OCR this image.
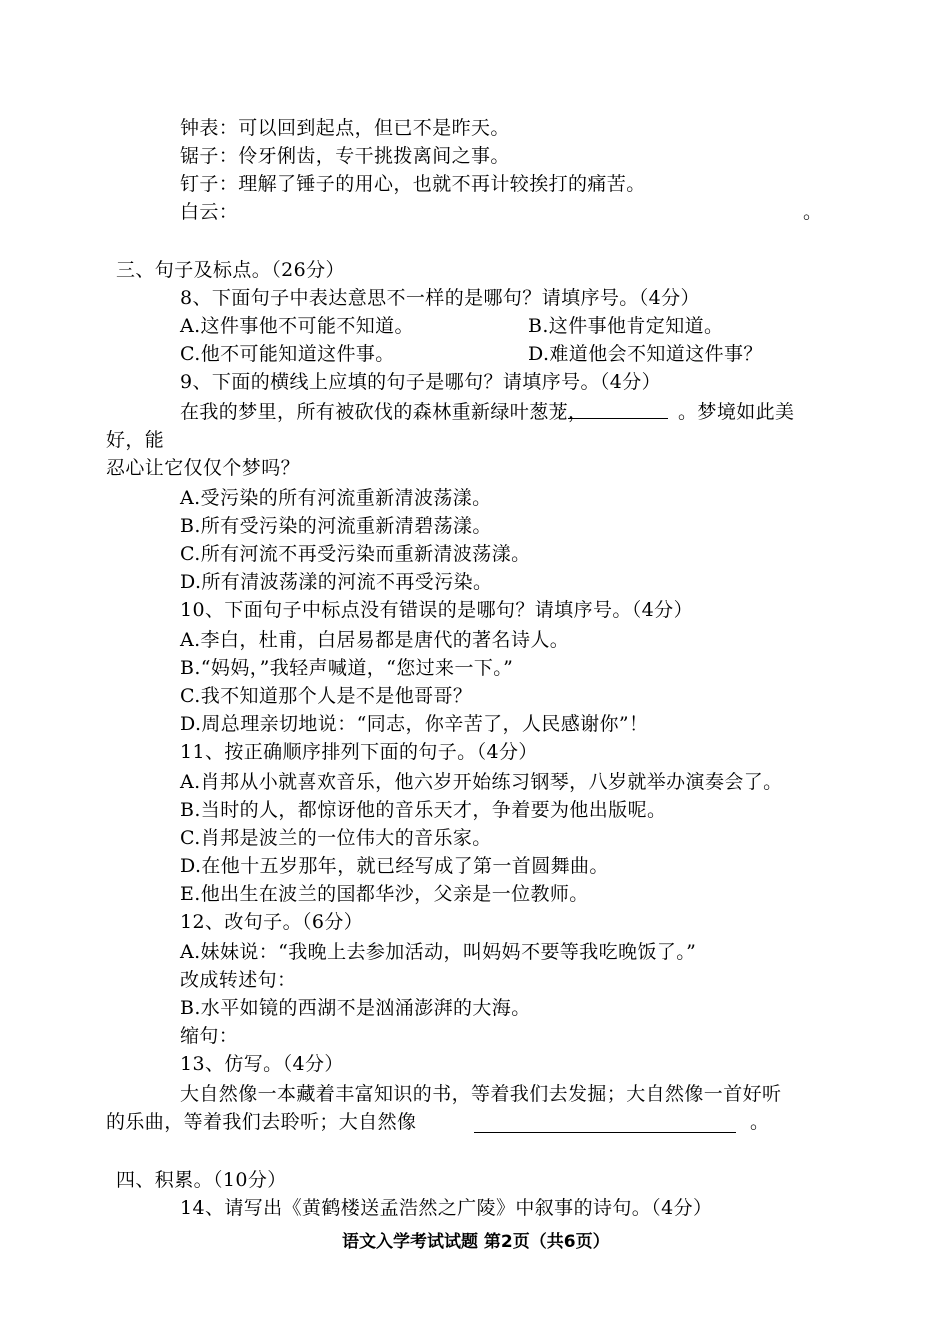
钟表：可以回到起点，但已不是昨天。
锯子：伶牙俐齿，专干挑拨离间之事。
钉子：理解了锤子的用心，也就不再计较挨打的痛苦。
白云：	。
三、句子及标点。（26分）
8、下面句子中表达意思不一样的是哪句？请填序号。（4分）
A.这件事他不可能不知道。	B.这件事他肯定知道。
C.他不可能知道这件事。	D.难道他会不知道这件事？
9、下面的横线上应填的句子是哪句？请填序号。（4分）
在我的梦里，所有被砍伐的森林重新绿叶葱茏，	。梦境如此美
好，能
忍心让它仅仅个梦吗？
A.受污染的所有河流重新清波荡漾。
B.所有受污染的河流重新清碧荡漾。
C.所有河流不再受污染而重新清波荡漾。
D.所有清波荡漾的河流不再受污染。
10、下面句子中标点没有错误的是哪句？请填序号。（4分）
A.李白，杜甫，白居易都是唐代的著名诗人。
B.“妈妈，”我轻声喊道，“您过来一下。”
C.我不知道那个人是不是他哥哥？
D.周总理亲切地说：“同志，你辛苦了，人民感谢你”！
11、按正确顺序排列下面的句子。（4分）
A.肖邦从小就喜欢音乐，他六岁开始练习钢琴，八岁就举办演奏会了。
B.当时的人，都惊讶他的音乐天才，争着要为他出版呢。
C.肖邦是波兰的一位伟大的音乐家。
D.在他十五岁那年，就已经写成了第一首圆舞曲。
E.他出生在波兰的国都华沙，父亲是一位教师。
12、改句子。（6分）
A.妹妹说：“我晚上去参加活动，叫妈妈不要等我吃晚饭了。”
改成转述句：
B.水平如镜的西湖不是汹涌澎湃的大海。
缩句：
13、仿写。（4分）
大自然像一本藏着丰富知识的书，等着我们去发掘；大自然像一首好听
的乐曲，等着我们去聆听；大自然像	。
四、积累。（10分）
14、请写出《黄鹤楼送孟浩然之广陵》中叙事的诗句。（4分）
语文入学考试试题 第2页（共6页）
